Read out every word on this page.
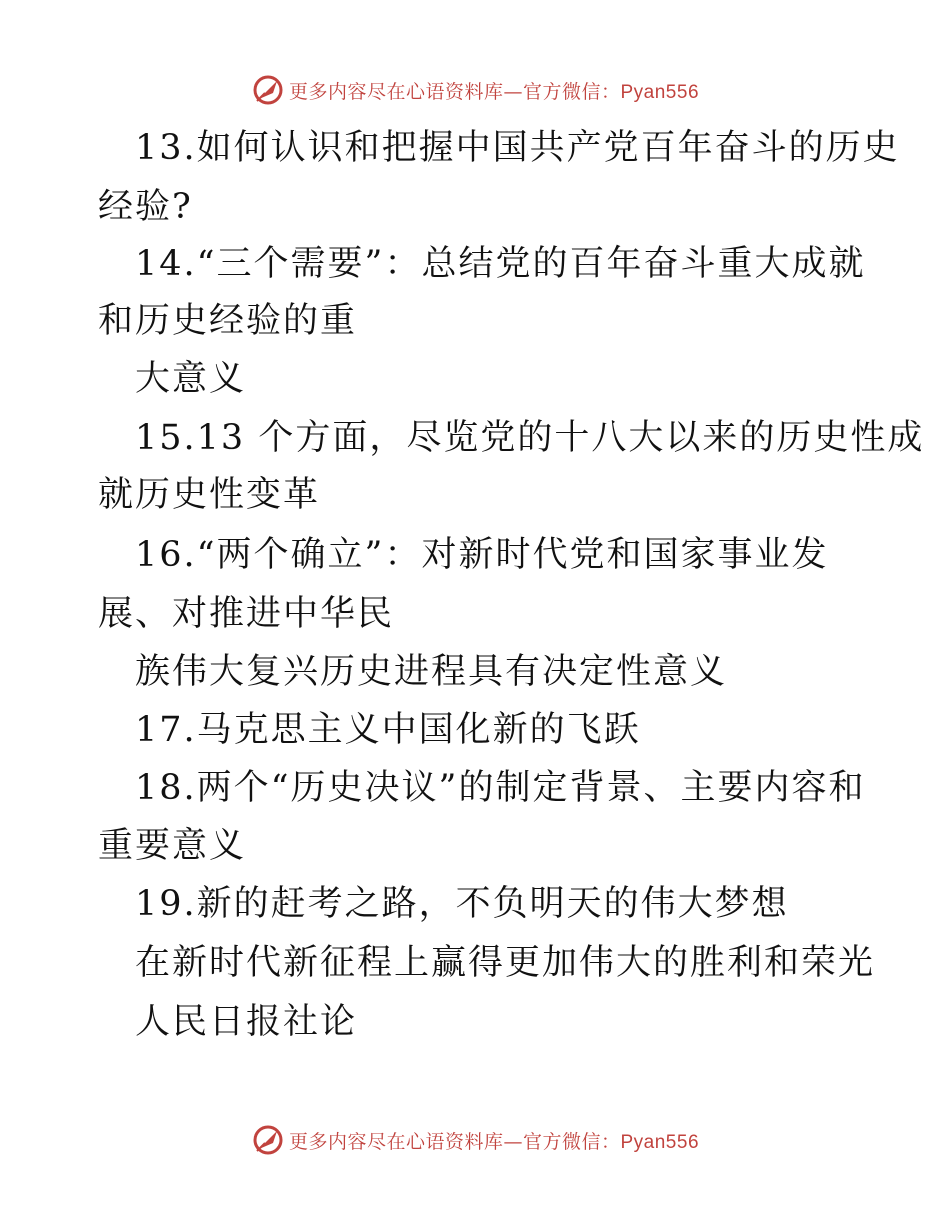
更多内容尽在心语资料库—官方微信：Pyan556
13.如何认识和把握中国共产党百年奋斗的历史
经验?
14.“三个需要”：总结党的百年奋斗重大成就
和历史经验的重
大意义
15.13 个方面，尽览党的十八大以来的历史性成
就历史性变革
16.“两个确立”：对新时代党和国家事业发
展、对推进中华民
族伟大复兴历史进程具有决定性意义
17.马克思主义中国化新的飞跃
18.两个“历史决议”的制定背景、主要内容和
重要意义
19.新的赶考之路，不负明天的伟大梦想
在新时代新征程上赢得更加伟大的胜利和荣光
人民日报社论
更多内容尽在心语资料库—官方微信：Pyan556
